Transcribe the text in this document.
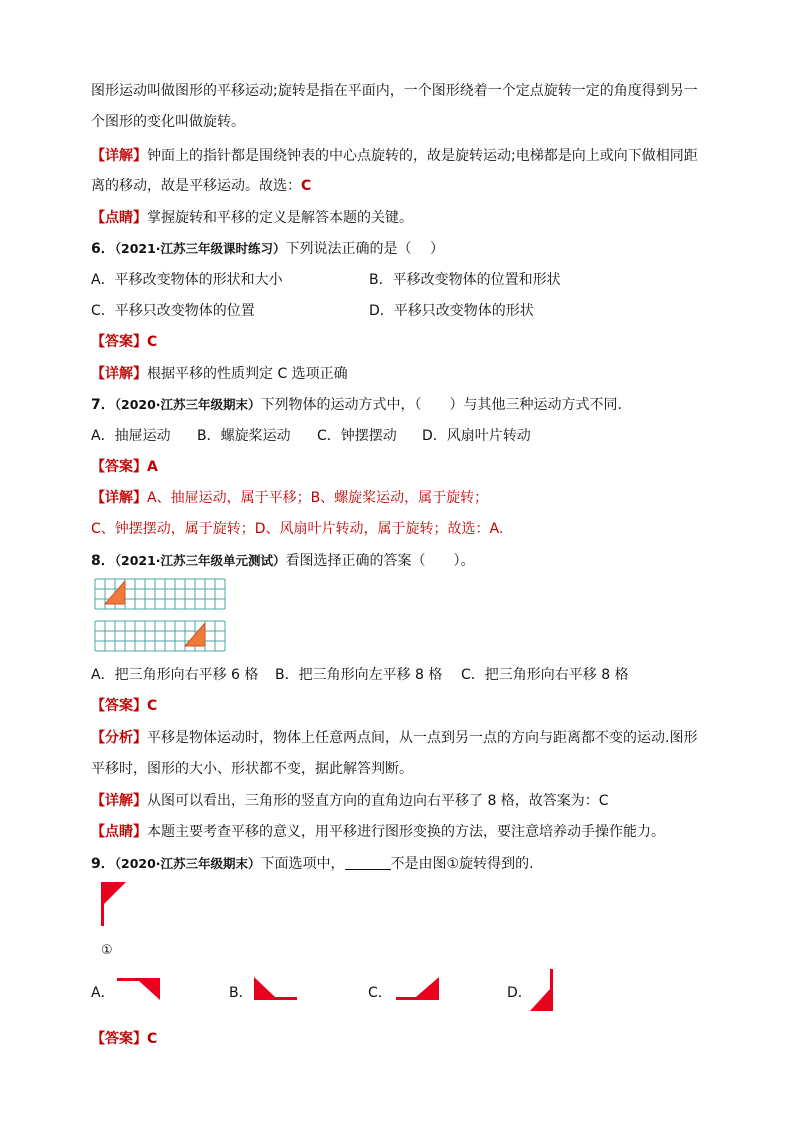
图形运动叫做图形的平移运动;旋转是指在平面内，一个图形绕着一个定点旋转一定的角度得到另一
个图形的变化叫做旋转。
【详解】钟面上的指针都是围绕钟表的中心点旋转的，故是旋转运动;电梯都是向上或向下做相同距
离的移动，故是平移运动。故选：C
【点睛】掌握旋转和平移的定义是解答本题的关键。
6．（2021·江苏三年级课时练习）下列说法正确的是（　 ）
A．平移改变物体的形状和大小	B．平移改变物体的位置和形状
C．平移只改变物体的位置	D．平移只改变物体的形状
【答案】C
【详解】根据平移的性质判定 C 选项正确
7．（2020·江苏三年级期末）下列物体的运动方式中，（　　）与其他三种运动方式不同.
A．抽屉运动 B．螺旋桨运动 C．钟摆摆动 D．风扇叶片转动
【答案】A
【详解】A、抽屉运动，属于平移；B、螺旋桨运动，属于旋转；
C、钟摆摆动，属于旋转；D、风扇叶片转动，属于旋转；故选：A.
8．（2021·江苏三年级单元测试）看图选择正确的答案（　　）。
A．把三角形向右平移 6 格 B．把三角形向左平移 8 格 C．把三角形向右平移 8 格
【答案】C
【分析】平移是物体运动时，物体上任意两点间，从一点到另一点的方向与距离都不变的运动.图形
平移时，图形的大小、形状都不变，据此解答判断。
【详解】从图可以看出，三角形的竖直方向的直角边向右平移了 8 格，故答案为：C
【点睛】本题主要考查平移的意义，用平移进行图形变换的方法，要注意培养动手操作能力。
9．（2020·江苏三年级期末）下面选项中，	不是由图①旋转得到的.
①
A．	B．	C．	D．
【答案】C
